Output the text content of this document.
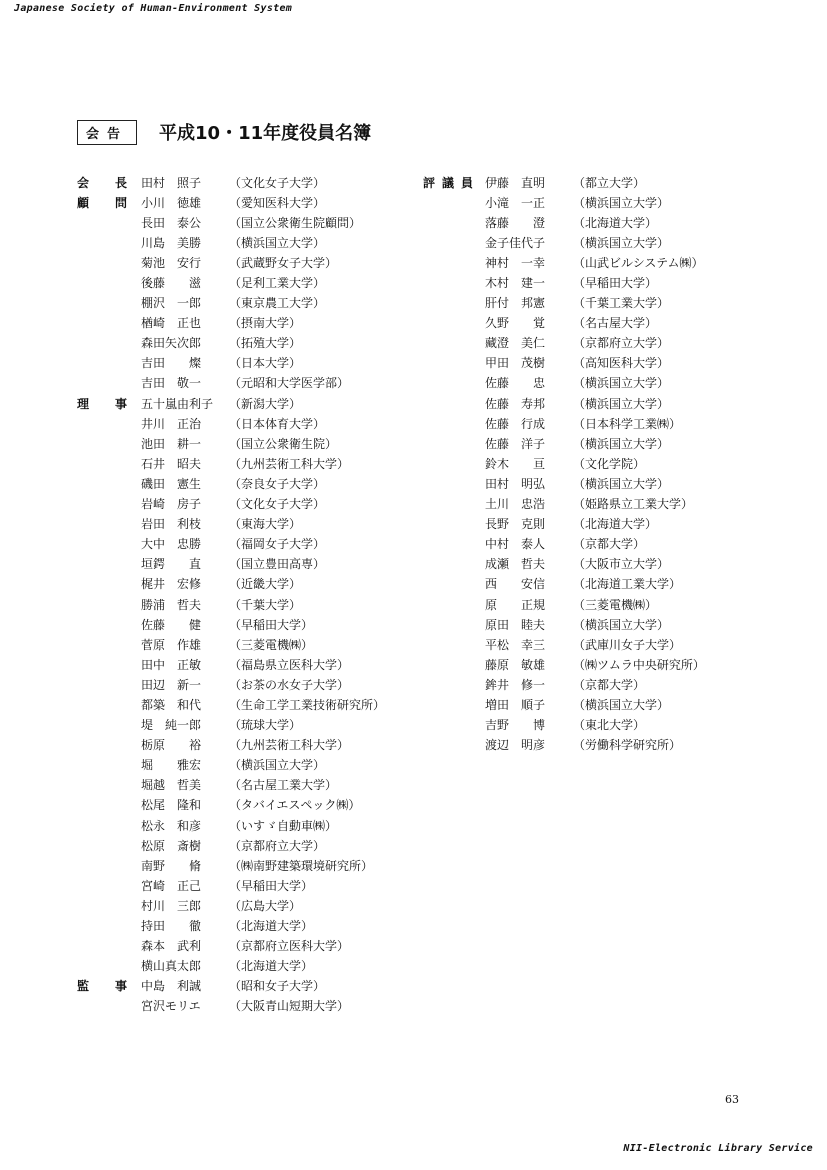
Japanese Society of Human-Environment System
会告	平成10・11年度役員名簿
会 長 田村　照子	（文化女子大学）
顧 問 小川　徳雄	（愛知医科大学）
長田　泰公	（国立公衆衛生院顧問）
川島　美勝	（横浜国立大学）
菊池　安行	（武蔵野女子大学）
後藤　　滋	（足利工業大学）
棚沢　一郎	（東京農工大学）
楢崎　正也	（摂南大学）
森田矢次郎	（拓殖大学）
吉田　　燦	（日本大学）
吉田　敬一	（元昭和大学医学部）
理 事 五十嵐由利子	（新潟大学）
井川　正治	（日本体育大学）
池田　耕一	（国立公衆衛生院）
石井　昭夫	（九州芸術工科大学）
磯田　憲生	（奈良女子大学）
岩崎　房子	（文化女子大学）
岩田　利枝	（東海大学）
大中　忠勝	（福岡女子大学）
垣鍔　　直	（国立豊田高専）
梶井　宏修	（近畿大学）
勝浦　哲夫	（千葉大学）
佐藤　　健	（早稲田大学）
菅原　作雄	（三菱電機㈱）
田中　正敏	（福島県立医科大学）
田辺　新一	（お茶の水女子大学）
都築　和代	（生命工学工業技術研究所）
堤　純一郎	（琉球大学）
栃原　　裕	（九州芸術工科大学）
堀　　雅宏	（横浜国立大学）
堀越　哲美	（名古屋工業大学）
松尾　隆和	（タバイエスペック㈱）
松永　和彦	（いすゞ自動車㈱）
松原　斎樹	（京都府立大学）
南野　　脩	（㈱南野建築環境研究所）
宮崎　正己	（早稲田大学）
村川　三郎	（広島大学）
持田　　徹	（北海道大学）
森本　武利	（京都府立医科大学）
横山真太郎	（北海道大学）
監 事 中島　利誠	（昭和女子大学）
宮沢モリエ	（大阪青山短期大学）
評 議 員 伊藤　直明	（都立大学）
小滝　一正	（横浜国立大学）
落藤　　澄	（北海道大学）
金子佳代子	（横浜国立大学）
神村　一幸	（山武ビルシステム㈱）
木村　建一	（早稲田大学）
肝付　邦憲	（千葉工業大学）
久野　　覚	（名古屋大学）
藏澄　美仁	（京都府立大学）
甲田　茂樹	（高知医科大学）
佐藤　　忠	（横浜国立大学）
佐藤　寿邦	（横浜国立大学）
佐藤　行成	（日本科学工業㈱）
佐藤　洋子	（横浜国立大学）
鈴木　　亘	（文化学院）
田村　明弘	（横浜国立大学）
土川　忠浩	（姫路県立工業大学）
長野　克則	（北海道大学）
中村　泰人	（京都大学）
成瀬　哲夫	（大阪市立大学）
西　　安信	（北海道工業大学）
原　　正規	（三菱電機㈱）
原田　睦夫	（横浜国立大学）
平松　幸三	（武庫川女子大学）
藤原　敏雄	（㈱ツムラ中央研究所）
鉾井　修一	（京都大学）
増田　順子	（横浜国立大学）
吉野　　博	（東北大学）
渡辺　明彦	（労働科学研究所）
63
NII-Electronic Library Service
